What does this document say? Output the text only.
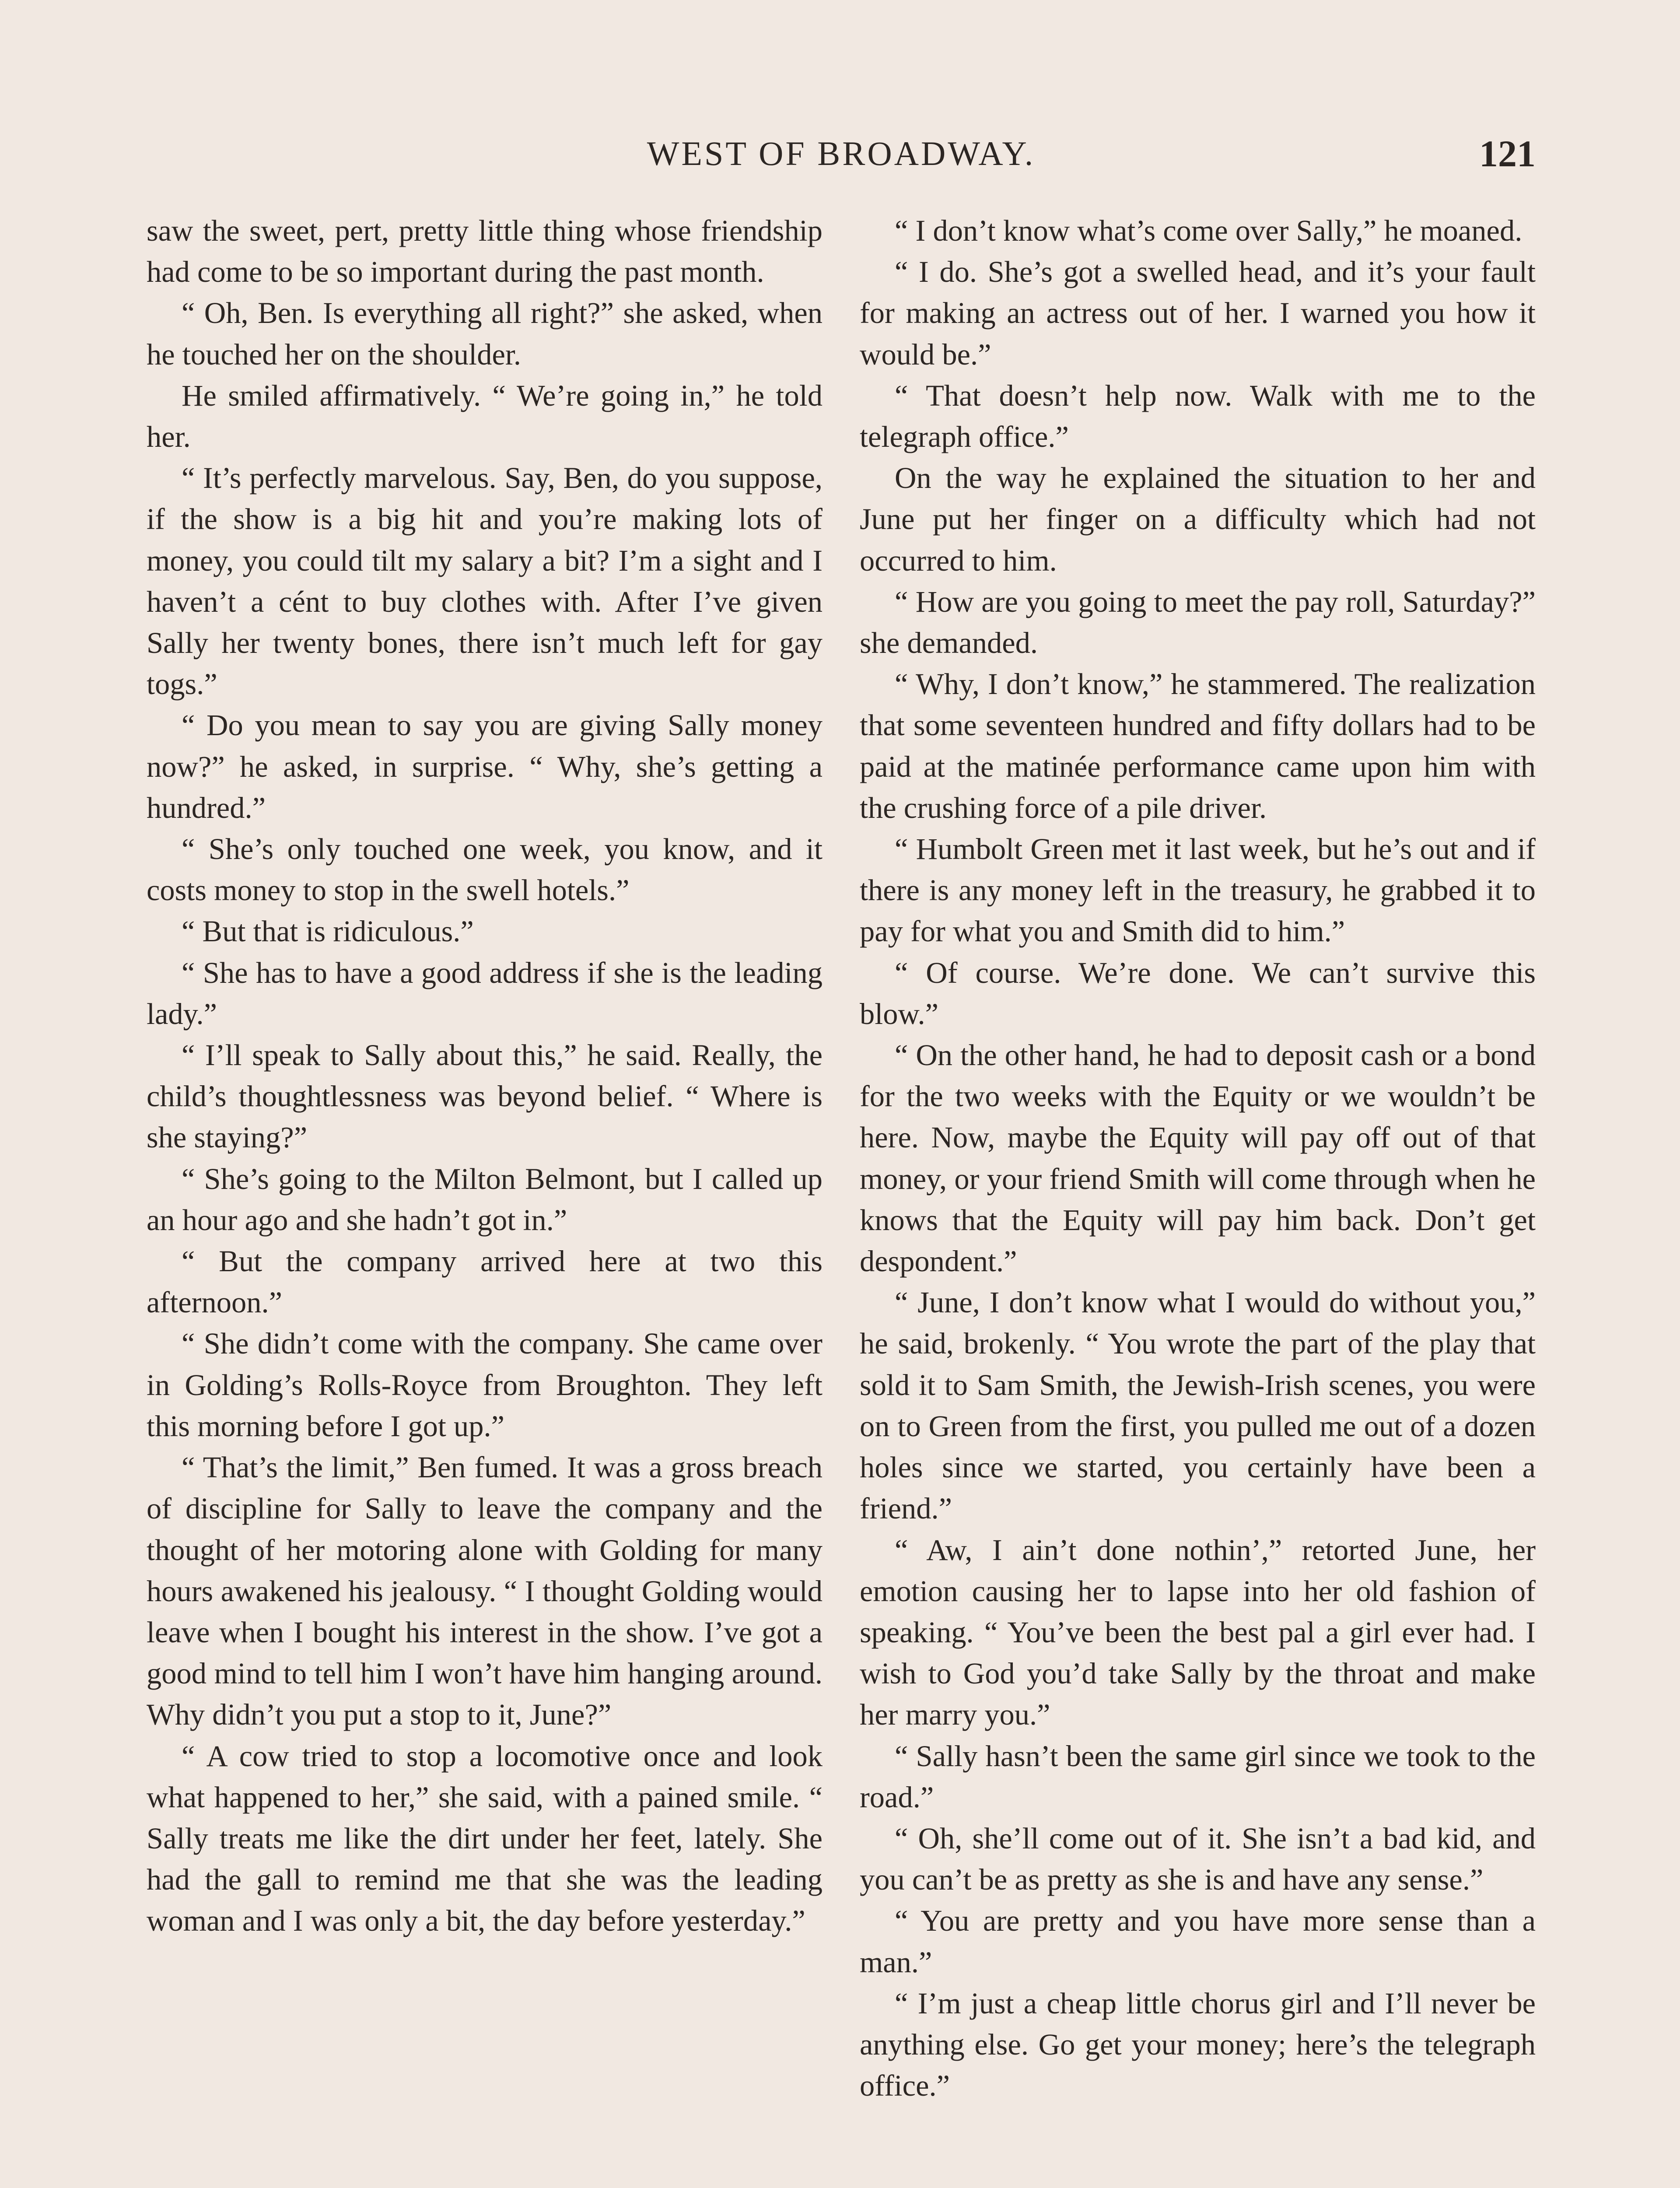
WEST OF BROADWAY.	121

saw the sweet, pert, pretty little thing whose friendship had come to be so important during the past month.

“ Oh, Ben. Is everything all right?” she asked, when he touched her on the shoulder.

He smiled affirmatively. “ We’re going in,” he told her.

“ It’s perfectly marvelous. Say, Ben, do you suppose, if the show is a big hit and you’re making lots of money, you could tilt my salary a bit? I’m a sight and I haven’t a cént to buy clothes with. After I’ve given Sally her twenty bones, there isn’t much left for gay togs.”

“ Do you mean to say you are giving Sally money now?” he asked, in surprise. “ Why, she’s getting a hundred.”

“ She’s only touched one week, you know, and it costs money to stop in the swell hotels.”

“ But that is ridiculous.”

“ She has to have a good address if she is the leading lady.”

“ I’ll speak to Sally about this,” he said. Really, the child’s thoughtlessness was beyond belief. “ Where is she staying?”

“ She’s going to the Milton Belmont, but I called up an hour ago and she hadn’t got in.”

“ But the company arrived here at two this afternoon.”

“ She didn’t come with the company. She came over in Golding’s Rolls-Royce from Broughton. They left this morning before I got up.”

“ That’s the limit,” Ben fumed. It was a gross breach of discipline for Sally to leave the company and the thought of her motoring alone with Golding for many hours awakened his jealousy. “ I thought Golding would leave when I bought his interest in the show. I’ve got a good mind to tell him I won’t have him hanging around. Why didn’t you put a stop to it, June?”

“ A cow tried to stop a locomotive once and look what happened to her,” she said, with a pained smile. “ Sally treats me like the dirt under her feet, lately. She had the gall to remind me that she was the leading woman and I was only a bit, the day before yesterday.”

“ I don’t know what’s come over Sally,” he moaned.

“ I do. She’s got a swelled head, and it’s your fault for making an actress out of her. I warned you how it would be.”

“ That doesn’t help now. Walk with me to the telegraph office.”

On the way he explained the situation to her and June put her finger on a difficulty which had not occurred to him.

“ How are you going to meet the pay roll, Saturday?” she demanded.

“ Why, I don’t know,” he stammered. The realization that some seventeen hundred and fifty dollars had to be paid at the matinée performance came upon him with the crushing force of a pile driver.

“ Humbolt Green met it last week, but he’s out and if there is any money left in the treasury, he grabbed it to pay for what you and Smith did to him.”

“ Of course. We’re done. We can’t survive this blow.”

“ On the other hand, he had to deposit cash or a bond for the two weeks with the Equity or we wouldn’t be here. Now, maybe the Equity will pay off out of that money, or your friend Smith will come through when he knows that the Equity will pay him back. Don’t get despondent.”

“ June, I don’t know what I would do without you,” he said, brokenly. “ You wrote the part of the play that sold it to Sam Smith, the Jewish-Irish scenes, you were on to Green from the first, you pulled me out of a dozen holes since we started, you certainly have been a friend.”

“ Aw, I ain’t done nothin’,” retorted June, her emotion causing her to lapse into her old fashion of speaking. “ You’ve been the best pal a girl ever had. I wish to God you’d take Sally by the throat and make her marry you.”

“ Sally hasn’t been the same girl since we took to the road.”

“ Oh, she’ll come out of it. She isn’t a bad kid, and you can’t be as pretty as she is and have any sense.”

“ You are pretty and you have more sense than a man.”

“ I’m just a cheap little chorus girl and I’ll never be anything else. Go get your money; here’s the telegraph office.”
